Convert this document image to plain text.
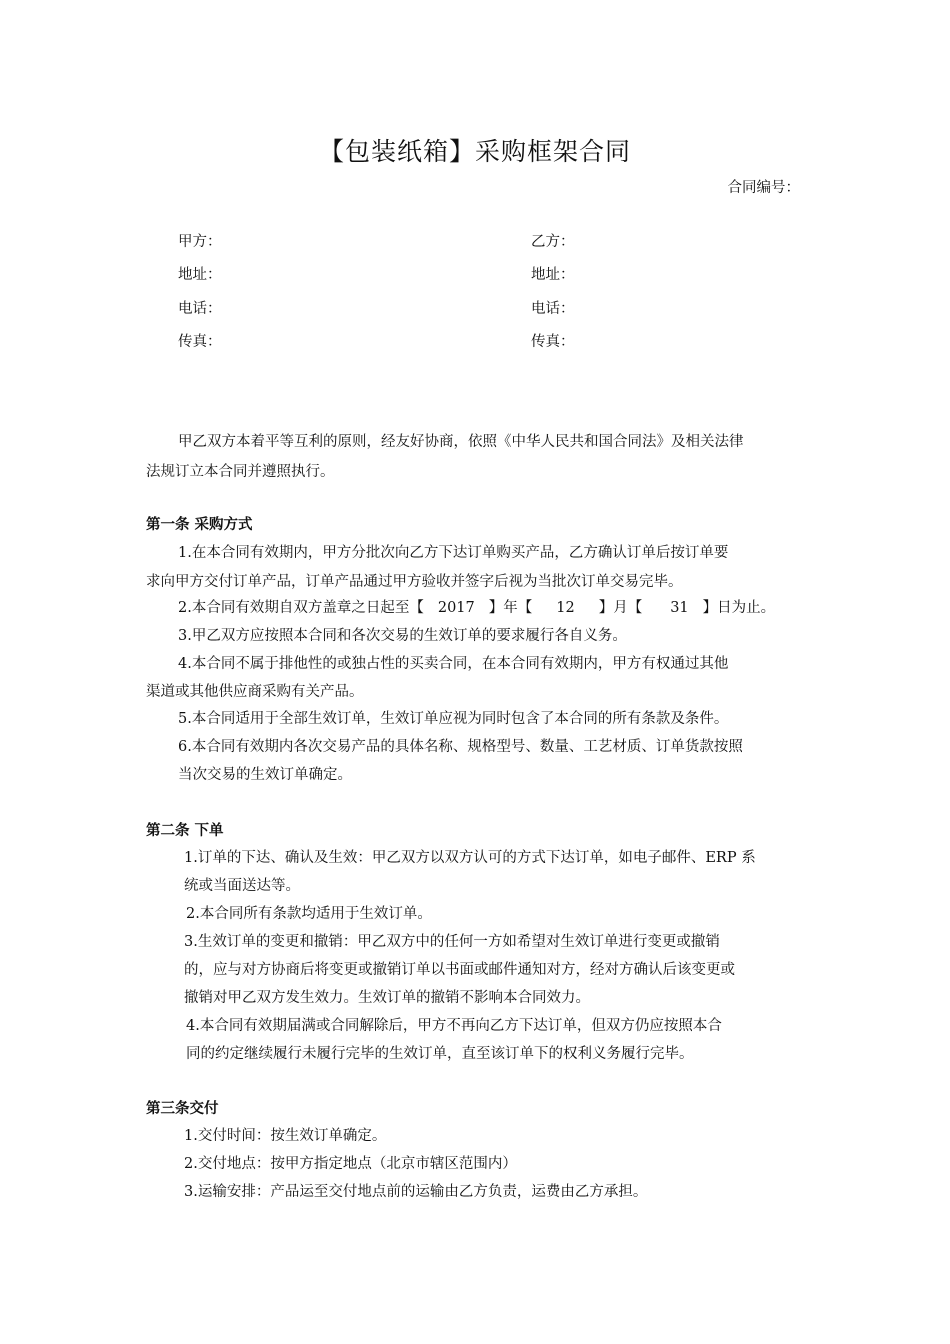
【包装纸箱】采购框架合同
合同编号：
甲方：
地址：
电话：
传真：
乙方：
地址：
电话：
传真：
甲乙双方本着平等互利的原则，经友好协商，依照《中华人民共和国合同法》及相关法律
法规订立本合同并遵照执行。
第一条 采购方式
1.在本合同有效期内，甲方分批次向乙方下达订单购买产品，乙方确认订单后按订单要
求向甲方交付订单产品，订单产品通过甲方验收并签字后视为当批次订单交易完毕。
2.本合同有效期自双方盖章之日起至【 2017 】年【 12 】月【 31 】日为止。
3.甲乙双方应按照本合同和各次交易的生效订单的要求履行各自义务。
4.本合同不属于排他性的或独占性的买卖合同，在本合同有效期内，甲方有权通过其他
渠道或其他供应商采购有关产品。
5.本合同适用于全部生效订单，生效订单应视为同时包含了本合同的所有条款及条件。
6.本合同有效期内各次交易产品的具体名称、规格型号、数量、工艺材质、订单货款按照
当次交易的生效订单确定。
第二条 下单
1.订单的下达、确认及生效：甲乙双方以双方认可的方式下达订单，如电子邮件、ERP 系
统或当面送达等。
2.本合同所有条款均适用于生效订单。
3.生效订单的变更和撤销：甲乙双方中的任何一方如希望对生效订单进行变更或撤销
的，应与对方协商后将变更或撤销订单以书面或邮件通知对方，经对方确认后该变更或
撤销对甲乙双方发生效力。生效订单的撤销不影响本合同效力。
4.本合同有效期届满或合同解除后，甲方不再向乙方下达订单，但双方仍应按照本合
同的约定继续履行未履行完毕的生效订单，直至该订单下的权利义务履行完毕。
第三条交付
1.交付时间：按生效订单确定。
2.交付地点：按甲方指定地点（北京市辖区范围内）
3.运输安排：产品运至交付地点前的运输由乙方负责，运费由乙方承担。
